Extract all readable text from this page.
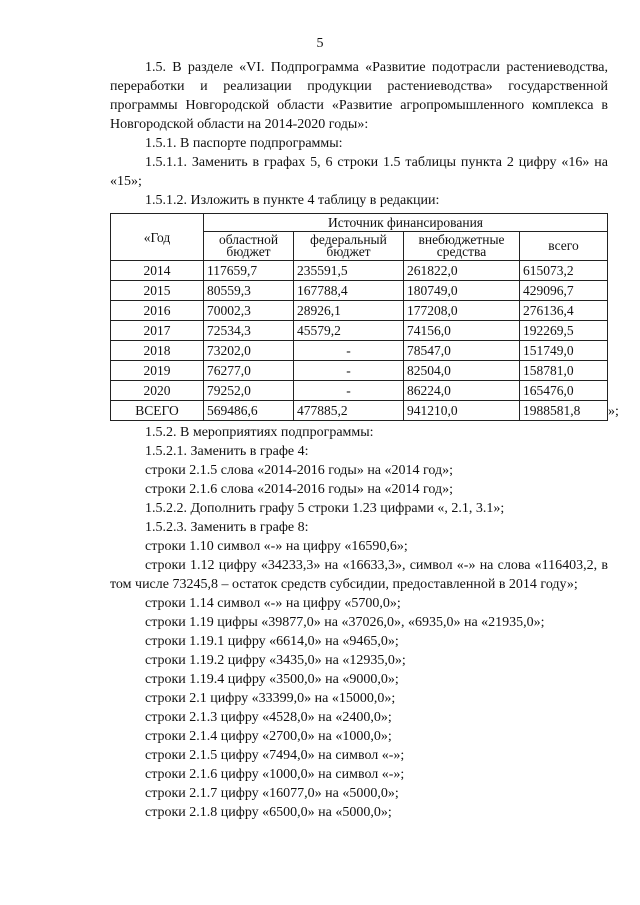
5

1.5. В разделе «VI. Подпрограмма «Развитие подотрасли растениеводства, переработки и реализации продукции растениеводства» государственной программы Новгородской области «Развитие агропромышленного комплекса в Новгородской области на 2014-2020 годы»:

1.5.1. В паспорте подпрограммы:

1.5.1.1. Заменить в графах 5, 6 строки 1.5 таблицы пункта 2 цифру «16» на «15»;

1.5.1.2. Изложить в пункте 4 таблицу в редакции:

«Год	Источник финансирования			
	областной бюджет	федеральный бюджет	внебюджетные средства	всего
2014	117659,7	235591,5	261822,0	615073,2
2015	80559,3	167788,4	180749,0	429096,7
2016	70002,3	28926,1	177208,0	276136,4
2017	72534,3	45579,2	74156,0	192269,5
2018	73202,0	-	78547,0	151749,0
2019	76277,0	-	82504,0	158781,0
2020	79252,0	-	86224,0	165476,0
ВСЕГО	569486,6	477885,2	941210,0	1988581,8 »;

1.5.2. В мероприятиях подпрограммы:

1.5.2.1. Заменить в графе 4:

строки 2.1.5 слова «2014-2016 годы» на «2014 год»;

строки 2.1.6 слова «2014-2016 годы» на «2014 год»;

1.5.2.2. Дополнить графу 5 строки 1.23 цифрами «, 2.1, 3.1»;

1.5.2.3. Заменить в графе 8:

строки 1.10 символ «-» на цифру «16590,6»;

строки 1.12 цифру «34233,3» на «16633,3», символ «-» на слова «116403,2, в том числе 73245,8 – остаток средств субсидии, предоставленной в 2014 году»;

строки 1.14 символ «-» на цифру «5700,0»;

строки 1.19 цифры «39877,0» на «37026,0», «6935,0» на «21935,0»;

строки 1.19.1 цифру «6614,0» на «9465,0»;

строки 1.19.2 цифру «3435,0» на «12935,0»;

строки 1.19.4 цифру «3500,0» на «9000,0»;

строки 2.1 цифру «33399,0» на «15000,0»;

строки 2.1.3 цифру «4528,0» на «2400,0»;

строки 2.1.4 цифру «2700,0» на «1000,0»;

строки 2.1.5 цифру «7494,0» на символ «-»;

строки 2.1.6 цифру «1000,0» на символ «-»;

строки 2.1.7 цифру «16077,0» на «5000,0»;

строки 2.1.8 цифру «6500,0» на «5000,0»;
